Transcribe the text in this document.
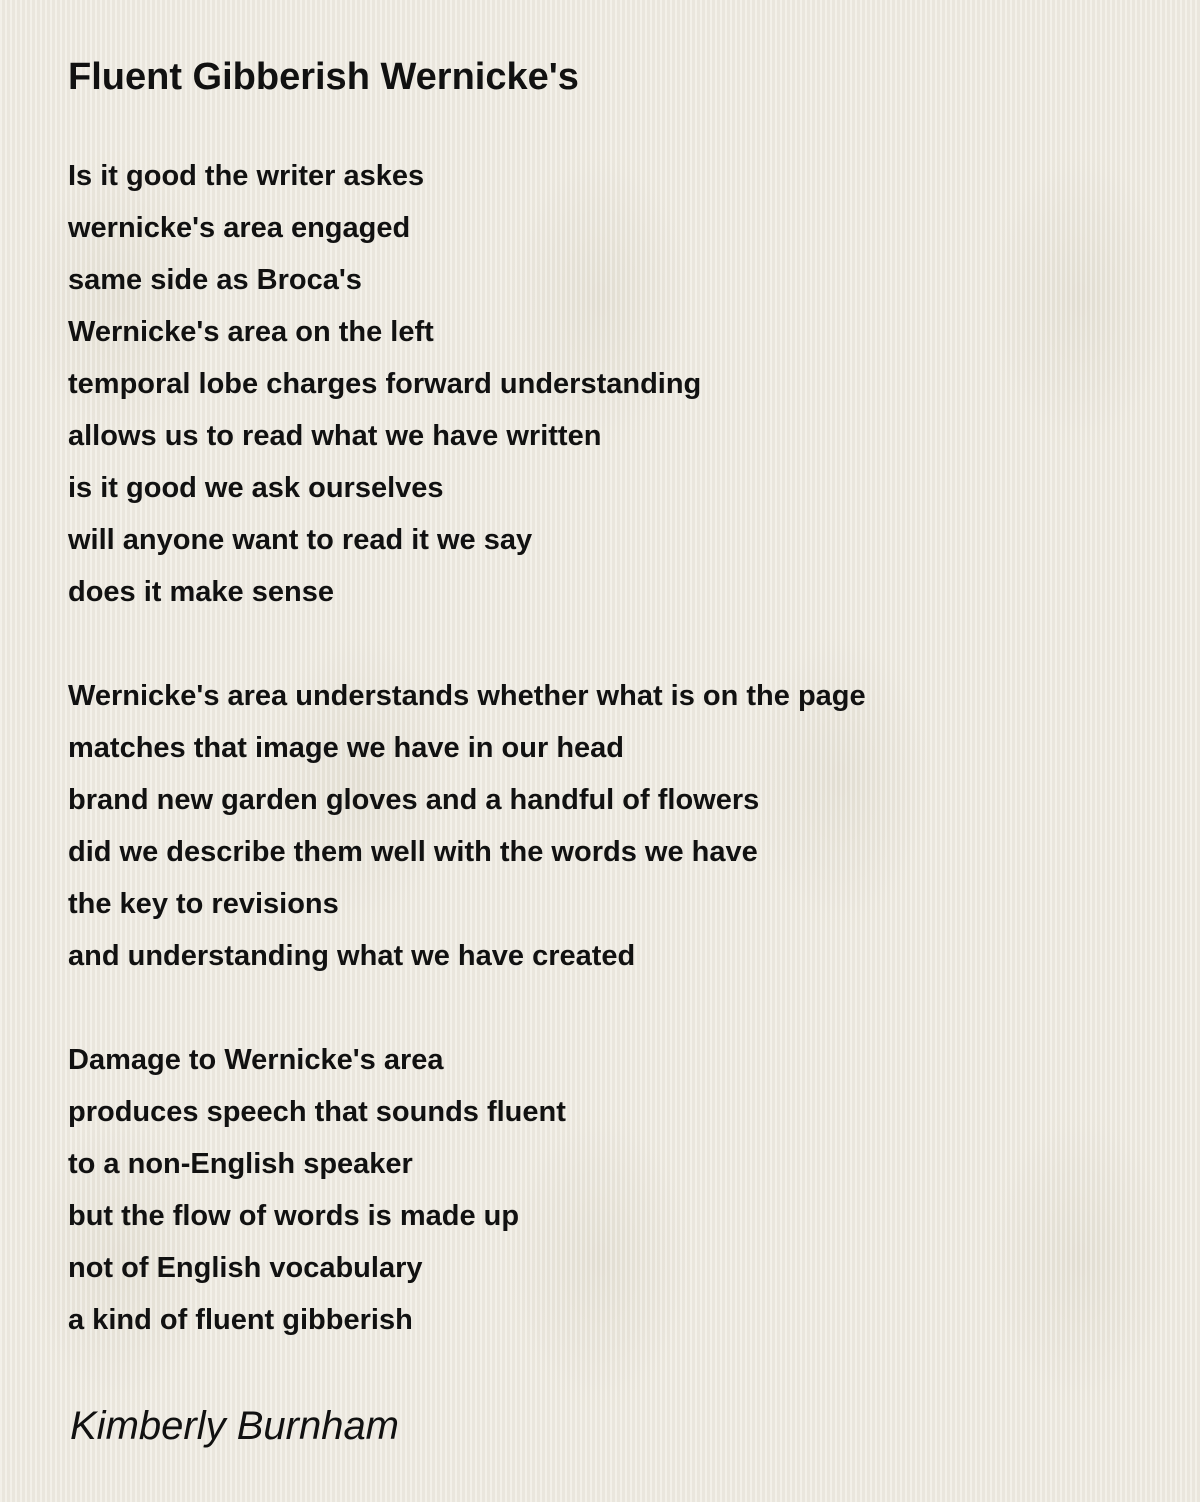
Fluent Gibberish Wernicke's
Is it good the writer askes
wernicke's area engaged
same side as Broca's
Wernicke's area on the left
temporal lobe charges forward understanding
allows us to read what we have written
is it good we ask ourselves
will anyone want to read it we say
does it make sense
Wernicke's area understands whether what is on the page
matches that image we have in our head
brand new garden gloves and a handful of flowers
did we describe them well with the words we have
the key to revisions
and understanding what we have created
Damage to Wernicke's area
produces speech that sounds fluent
to a non-English speaker
but the flow of words is made up
not of English vocabulary
a kind of fluent gibberish

Kimberly Burnham
